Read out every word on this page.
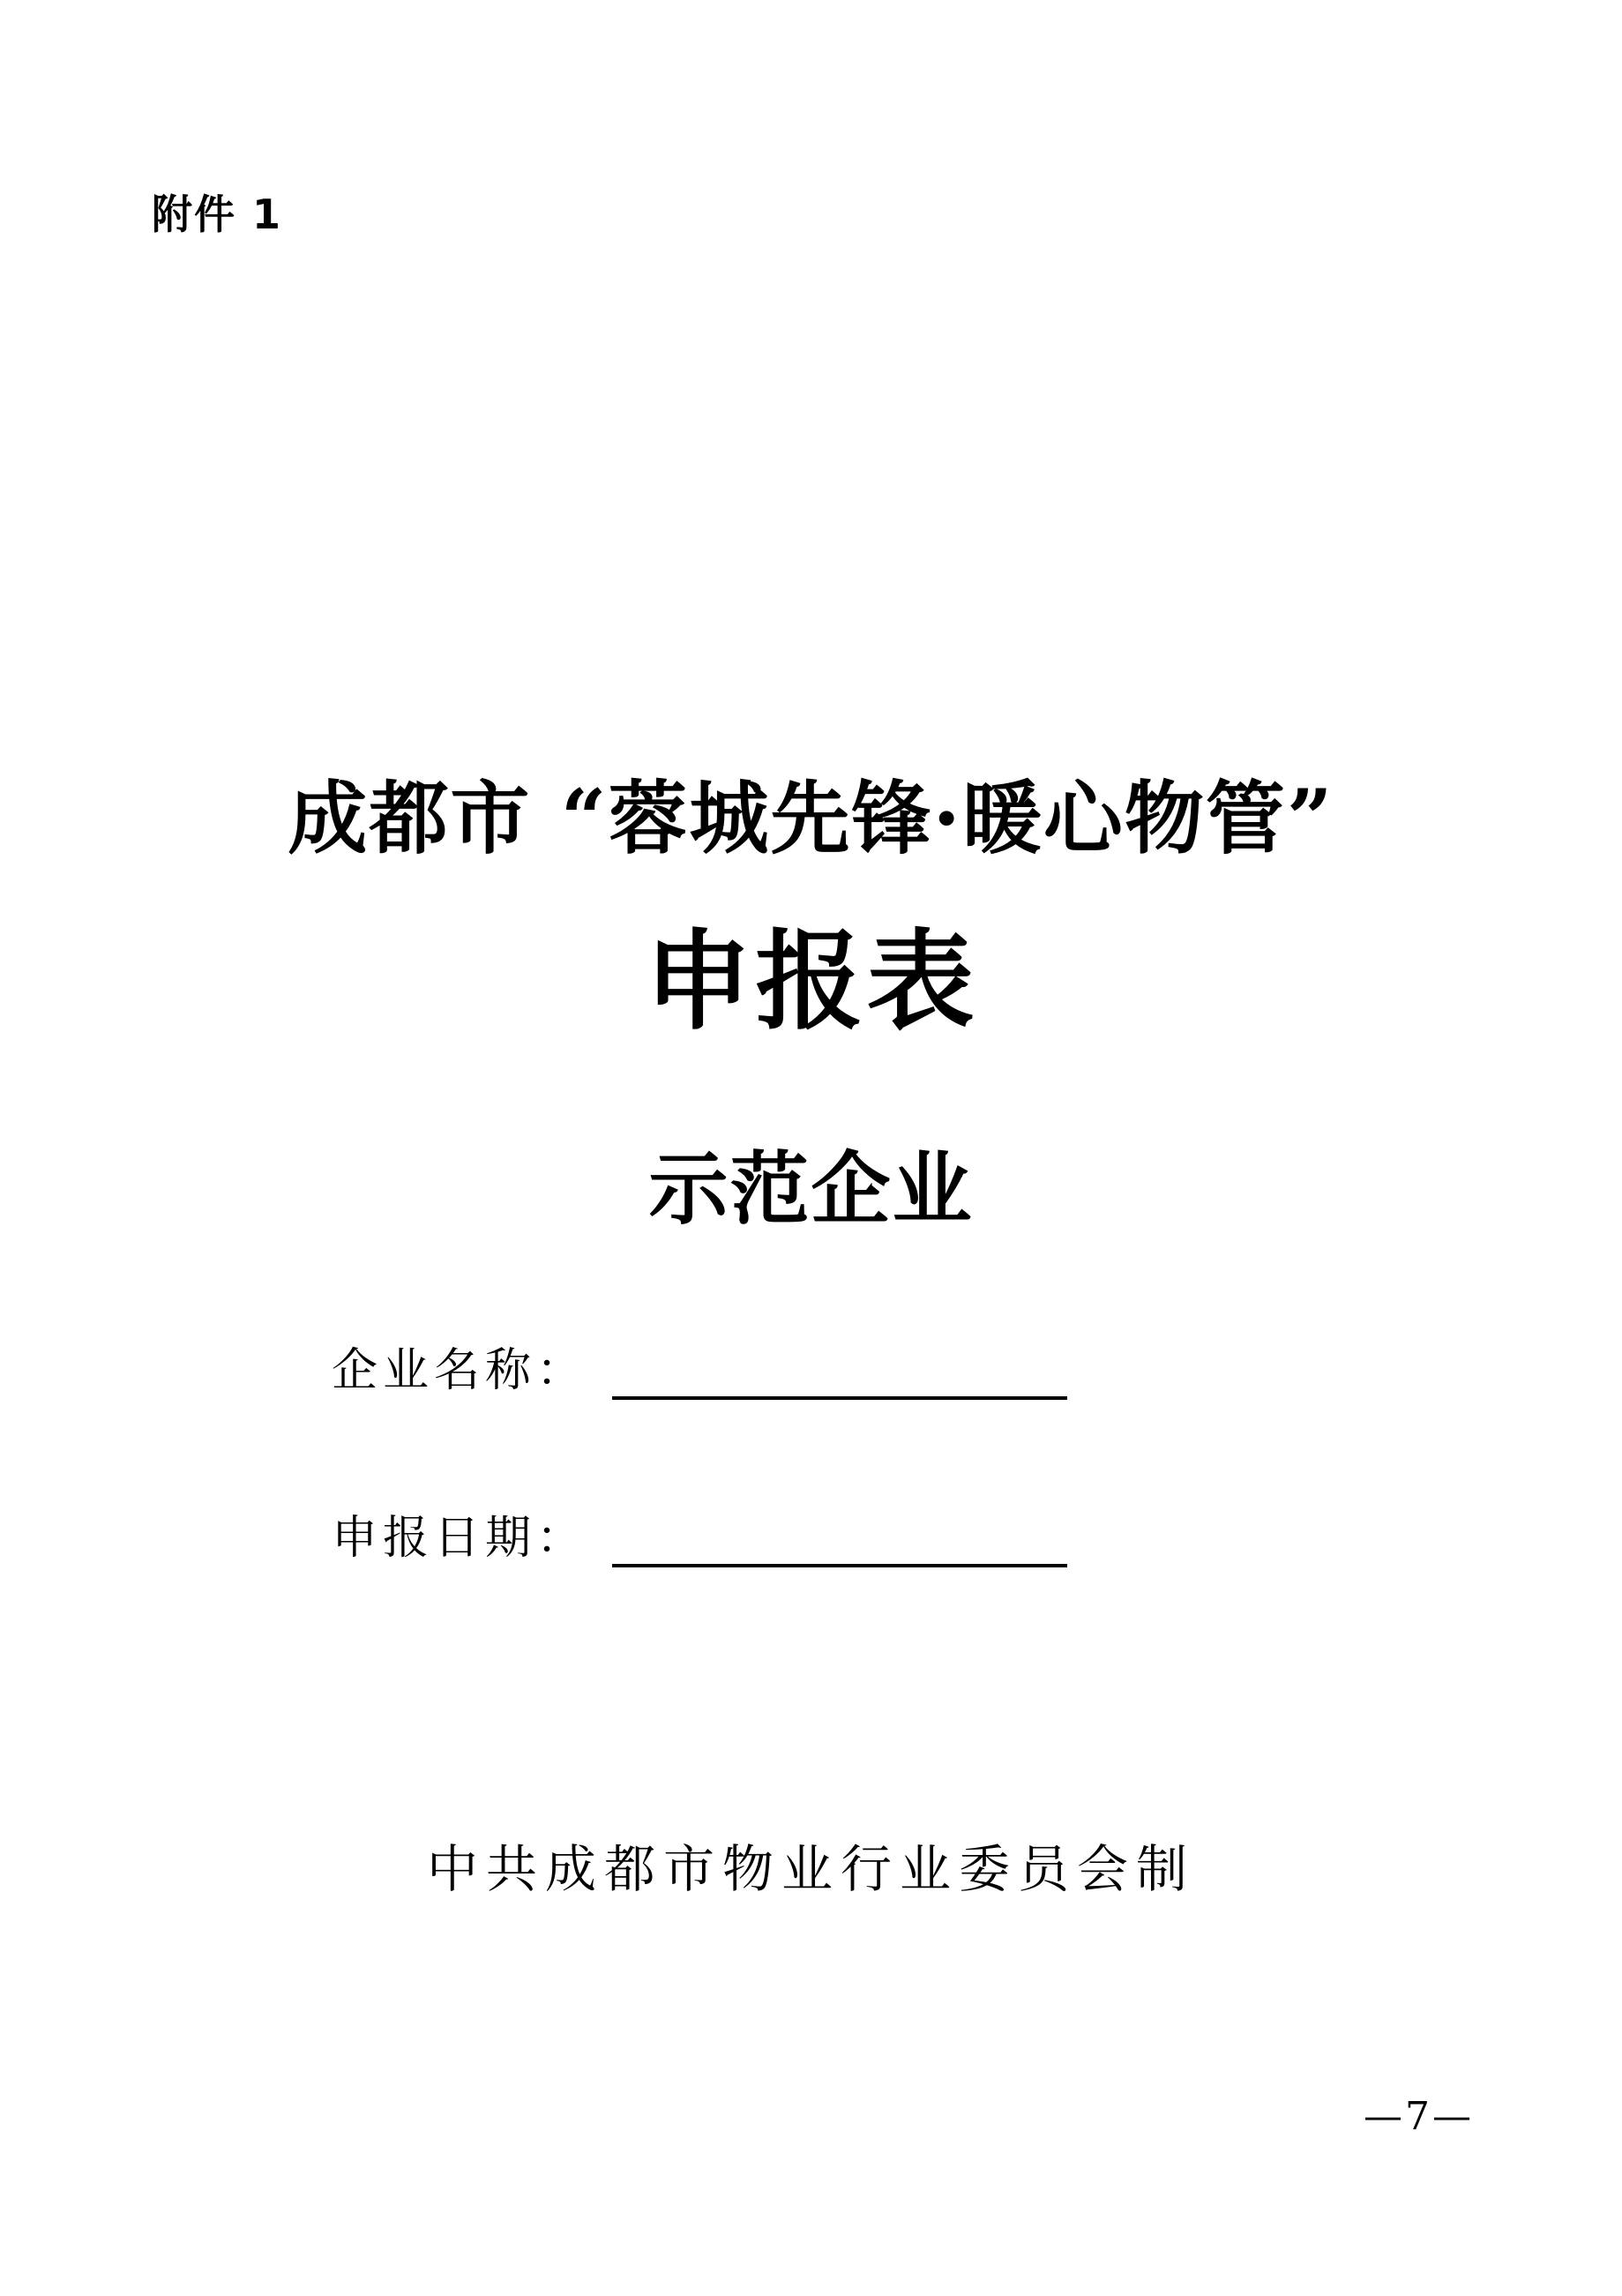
附件 1

成都市 “蓉城先锋·暖心物管”

示范企业

申报表
企业名称：
申报日期：
中共成都市物业行业委员会制
—7—
